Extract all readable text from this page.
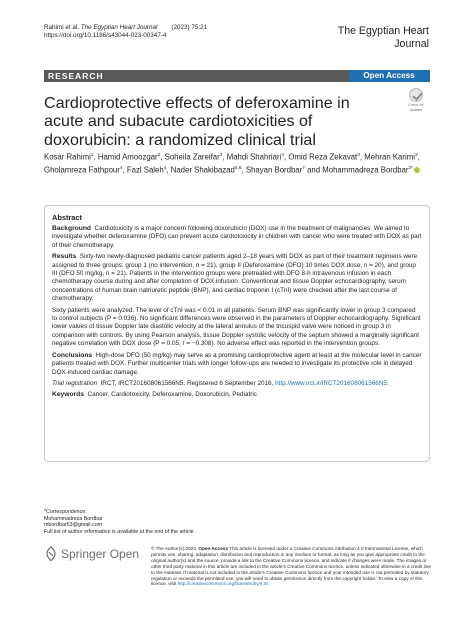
Rahimi et al. The Egyptian Heart Journal (2023) 75:21
https://doi.org/10.1186/s43044-023-00347-4	The Egyptian Heart
Journal
RESEARCH	Open Access
Cardioprotective effects of deferoxamine in acute and subacute cardiotoxicities of doxorubicin: a randomized clinical trial
Check for
updates
Kosar Rahimi$^1$, Hamid Amoozgar$^2$, Soheila Zareifar$^3$, Mahdi Shahriari$^4$, Omid Reza Zekavat$^3$, Mehran Karimi$^3$, Gholamreza Fathpour$^4$, Fazl Saleh$^4$, Nader Shakibazad$^{5,6}$, Shayan Bordbar$^7$ and Mohammadreza Bordbar$^{3*}$
Abstract
Background Cardiotoxicity is a major concern following doxorubicin (DOX) use in the treatment of malignancies. We aimed to investigate whether deferoxamine (DFO) can prevent acute cardiotoxicity in children with cancer who were treated with DOX as part of their chemotherapy.
Results Sixty-two newly-diagnosed pediatric cancer patients aged 2–18 years with DOX as part of their treatment regimens were assigned to three groups: group 1 (no intervention, n = 21), group II (Deferoxamine (DFO) 10 times DOX dose, n = 20), and group III (DFO 50 mg/kg, n = 21). Patients in the intervention groups were pretreated with DFO 8-h intravenous infusion in each chemotherapy course during and after completion of DOX infusion. Conventional and tissue Doppler echocardiography, serum concentrations of human brain natriuretic peptide (BNP), and cardiac troponin I (cTnI) were checked after the last course of chemotherapy.
Sixty patients were analyzed. The level of cTnI was < 0.01 in all patients. Serum BNP was significantly lower in group 3 compared to control subjects (P = 0.036). No significant differences were observed in the parameters of Doppler echocardiography. Significant lower values of tissue Doppler late diastolic velocity at the lateral annulus of the tricuspid valve were noticed in group 3 in comparison with controls. By using Pearson analysis, tissue Doppler systolic velocity of the septum showed a marginally significant negative correlation with DOX dose (P = 0.05, r = −0.308). No adverse effect was reported in the intervention groups.
Conclusions High-dose DFO (50 mg/kg) may serve as a promising cardioprotective agent at least at the molecular level in cancer patients treated with DOX. Further multicenter trials with longer follow-ups are needed to investigate its protective role in delayed DOX-induced cardiac damage.
Trial registration IRCT, IRCT201608061566N5. Registered 6 September 2016, http://www.irct.ir/IRCT201608061566N5.
Keywords Cancer, Cardiotoxicity, Deferoxamine, Doxorubicin, Pediatric
*Correspondence:
Mohammadreza Bordbar
mbordbar53@gmail.com
Full list of author information is available at the end of the article
Springer Open	© The Author(s) 2023. Open Access This article is licensed under a Creative Commons Attribution 4.0 International License, which permits use, sharing, adaptation, distribution and reproduction in any medium or format, as long as you give appropriate credit to the original author(s) and the source, provide a link to the Creative Commons licence, and indicate if changes were made. The images or other third party material in this article are included in the article's Creative Commons licence, unless indicated otherwise in a credit line to the material. If material is not included in the article's Creative Commons licence and your intended use is not permitted by statutory regulation or exceeds the permitted use, you will need to obtain permission directly from the copyright holder. To view a copy of this licence, visit http://creativecommons.org/licenses/by/4.0/.
